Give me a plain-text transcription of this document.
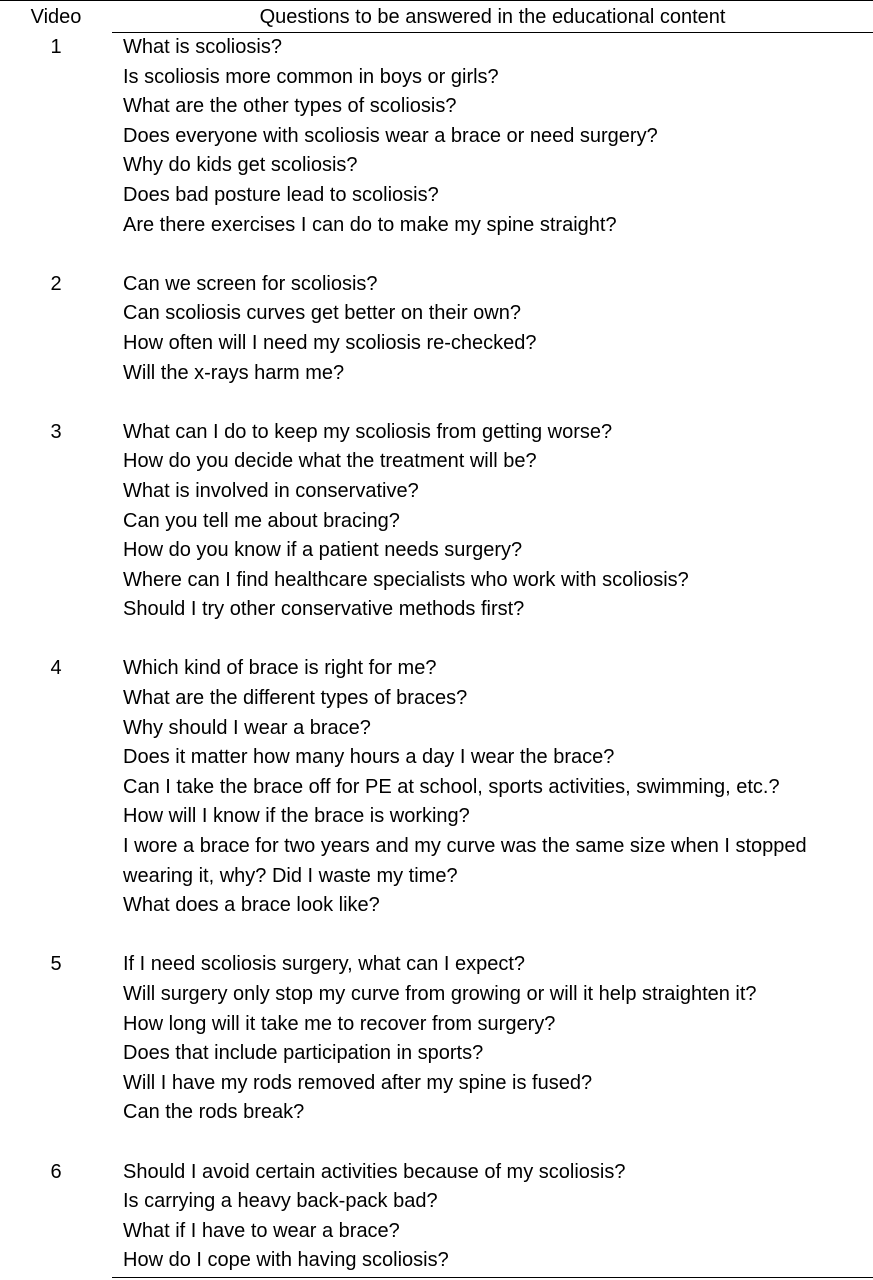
Video	Questions to be answered in the educational content
1	What is scoliosis?
Is scoliosis more common in boys or girls?
What are the other types of scoliosis?
Does everyone with scoliosis wear a brace or need surgery?
Why do kids get scoliosis?
Does bad posture lead to scoliosis?
Are there exercises I can do to make my spine straight?
2	Can we screen for scoliosis?
Can scoliosis curves get better on their own?
How often will I need my scoliosis re-checked?
Will the x-rays harm me?
3	What can I do to keep my scoliosis from getting worse?
How do you decide what the treatment will be?
What is involved in conservative?
Can you tell me about bracing?
How do you know if a patient needs surgery?
Where can I find healthcare specialists who work with scoliosis?
Should I try other conservative methods first?
4	Which kind of brace is right for me?
What are the different types of braces?
Why should I wear a brace?
Does it matter how many hours a day I wear the brace?
Can I take the brace off for PE at school, sports activities, swimming, etc.?
How will I know if the brace is working?
I wore a brace for two years and my curve was the same size when I stopped wearing it, why? Did I waste my time?
What does a brace look like?
5	If I need scoliosis surgery, what can I expect?
Will surgery only stop my curve from growing or will it help straighten it?
How long will it take me to recover from surgery?
Does that include participation in sports?
Will I have my rods removed after my spine is fused?
Can the rods break?
6	Should I avoid certain activities because of my scoliosis?
Is carrying a heavy back-pack bad?
What if I have to wear a brace?
How do I cope with having scoliosis?
